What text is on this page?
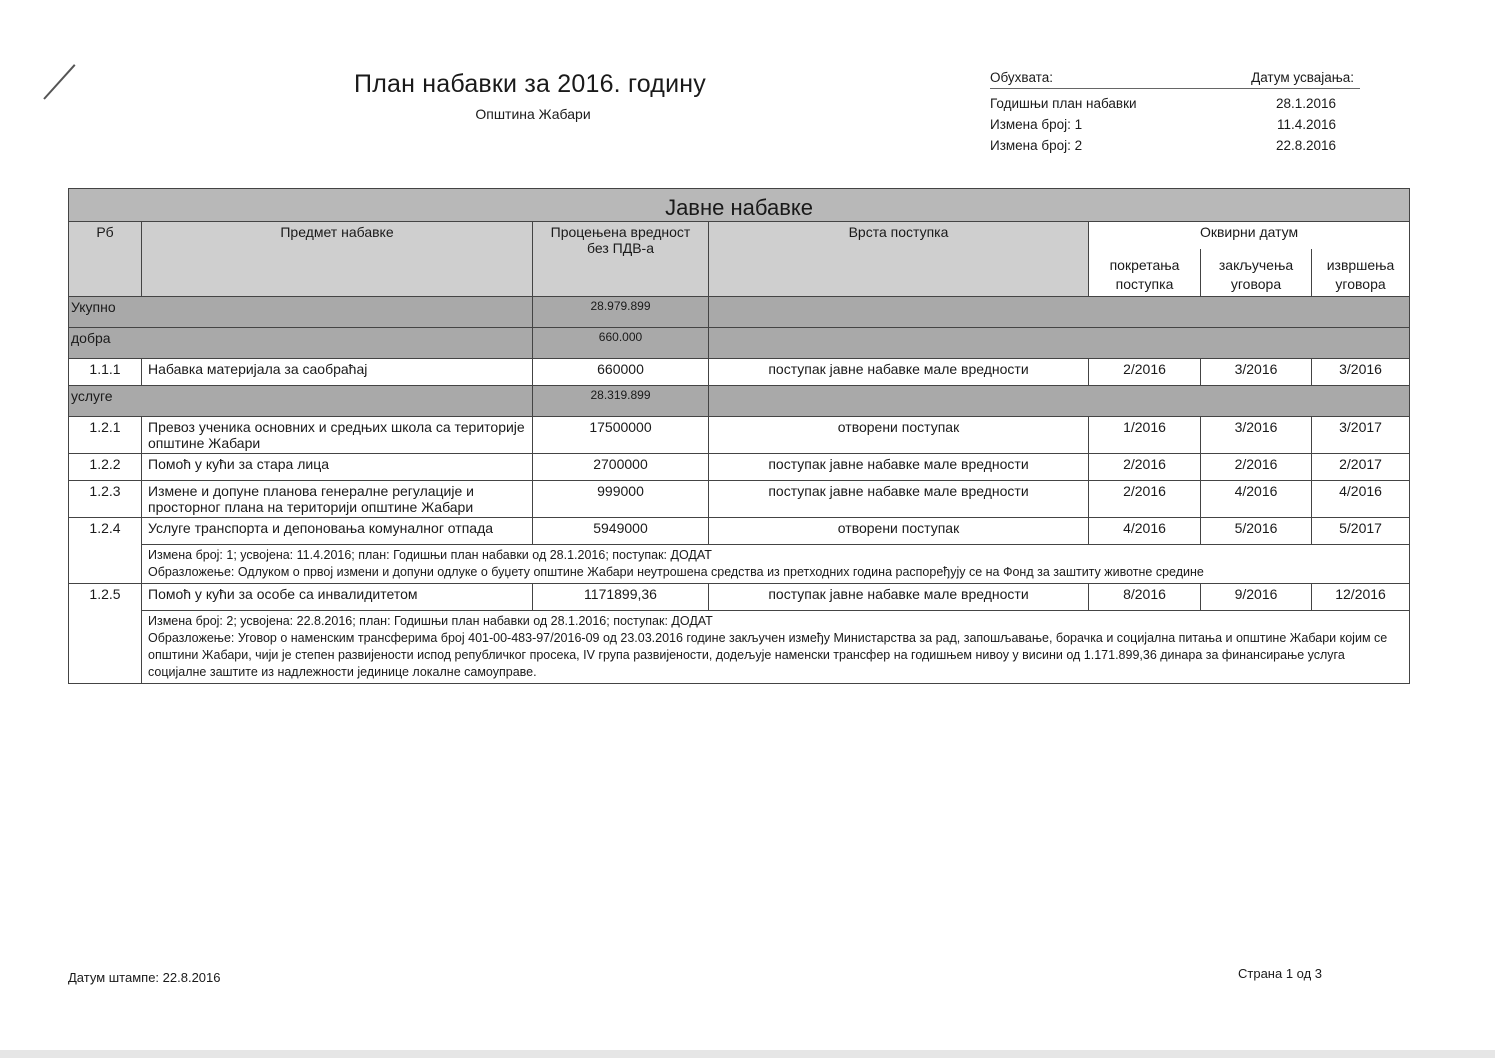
План набавки за 2016. годину
Општина Жабари
Обухвата:	Датум усвајања:
Годишњи план набавки	28.1.2016
Измена број: 1	11.4.2016
Измена број: 2	22.8.2016
Јавне набавке						
Рб	Предмет набавке	Процењена вредност без ПДВ-а	Врста поступка	Оквирни датум		
				покретања поступка	закључења уговора	извршења уговора
Укупно		28.979.899				
добра		660.000				
1.1.1	Набавка материјала за саобраћај	660000	поступак јавне набавке мале вредности	2/2016	3/2016	3/2016
услуге		28.319.899				
1.2.1	Превоз ученика основних и средњих школа са територије општине Жабари	17500000	отворени поступак	1/2016	3/2016	3/2017
1.2.2	Помоћ у кући за стара лица	2700000	поступак јавне набавке мале вредности	2/2016	2/2016	2/2017
1.2.3	Измене и допуне планова генералне регулације и просторног плана на територији општине Жабари	999000	поступак јавне набавке мале вредности	2/2016	4/2016	4/2016
1.2.4	Услуге транспорта и депоновања комуналног отпада	5949000	отворени поступак	4/2016	5/2016	5/2017

	Измена број: 1; усвојена: 11.4.2016; план: Годишњи план набавки од 28.1.2016; поступак: ДОДАТ
Образложење: Одлуком о првој измени и допуни одлуке о буџету општине Жабари неутрошена средства из претходних година распоређују се на Фонд за заштиту животне средине					

1.2.5	Помоћ у кући за особе са инвалидитетом	1171899,36	поступак јавне набавке мале вредности	8/2016	9/2016	12/2016

	Измена број: 2; усвојена: 22.8.2016; план: Годишњи план набавки од 28.1.2016; поступак: ДОДАТ
Образложење: Уговор о наменским трансферима број 401-00-483-97/2016-09 од 23.03.2016 године закључен између Министарства за рад, запошљавање, борачка и социјална питања и општине Жабари којим се општини Жабари, чији је степен развијености испод републичког просека, IV група развијености, додељује наменски трансфер на годишњем нивоу у висини од 1.171.899,36 динара за финансирање услуга социјалне заштите из надлежности јединице локалне самоуправе.					
Датум штампе: 22.8.2016	Страна 1 од 3
